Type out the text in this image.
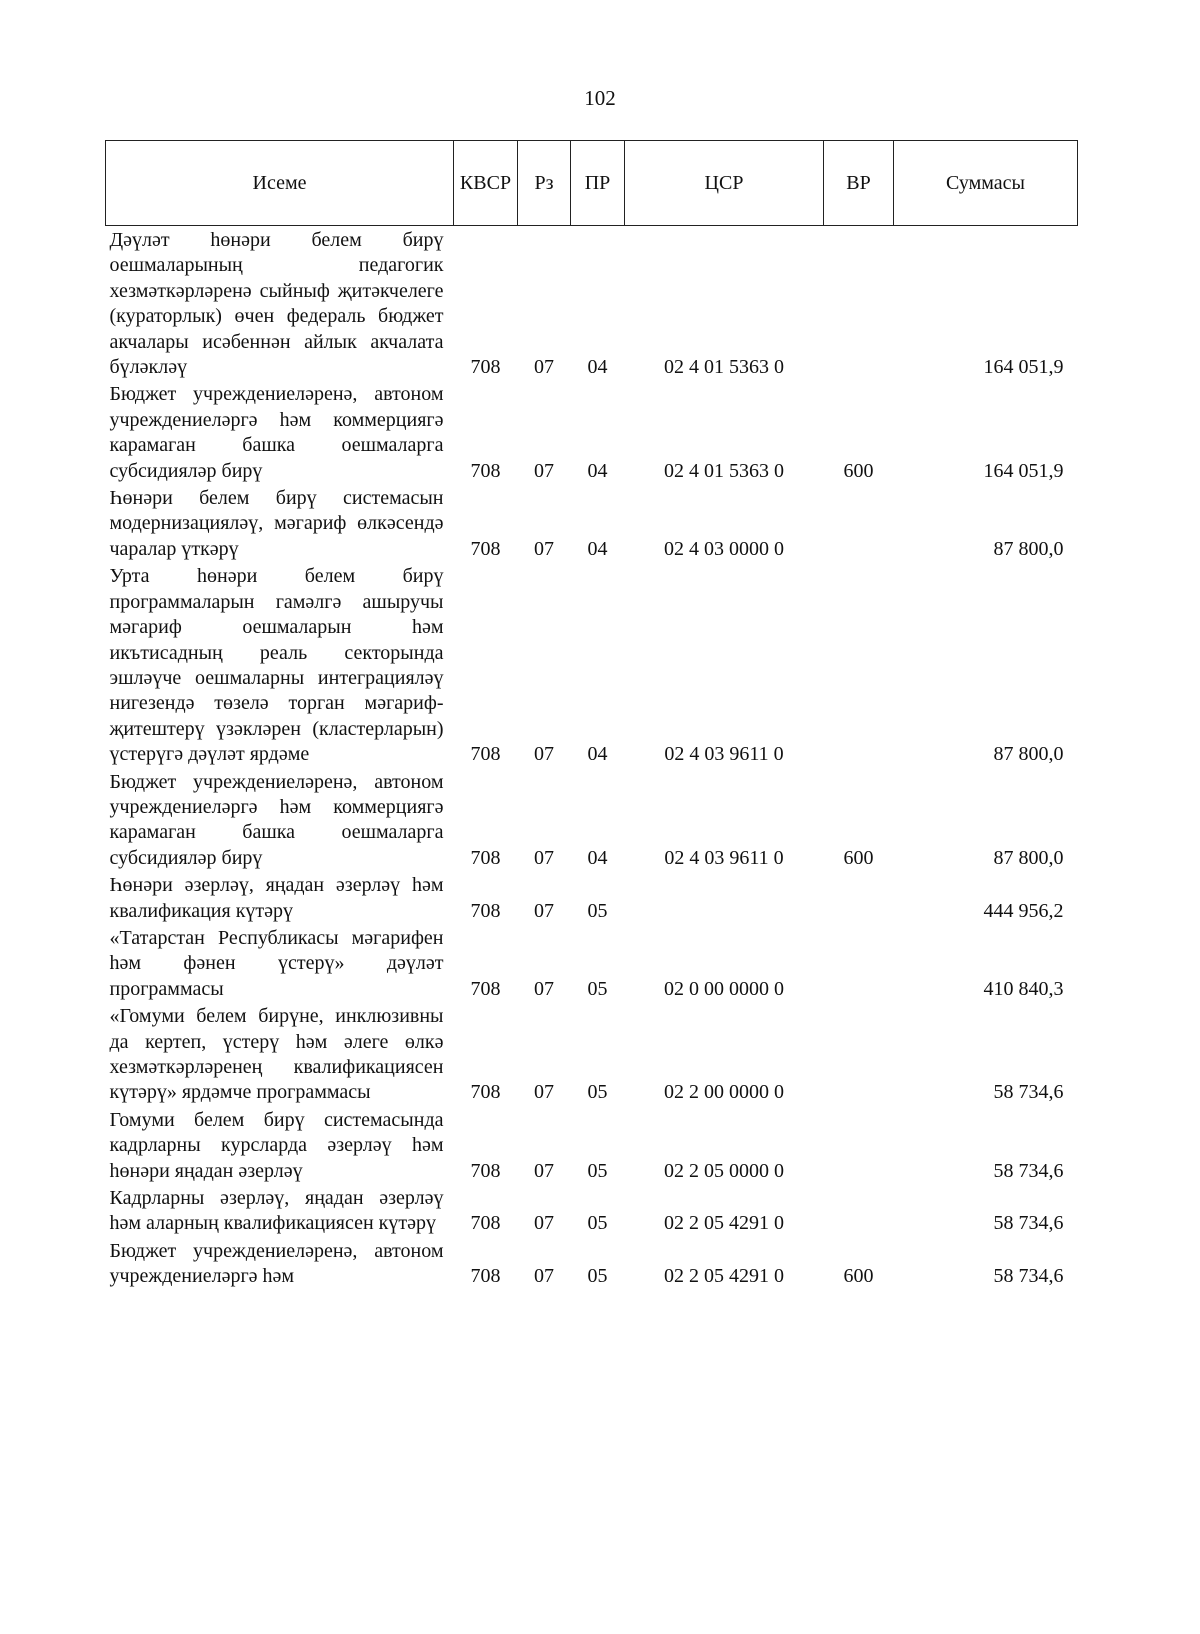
102
Исеме	КВСР	Рз	ПР	ЦСР	ВР	Суммасы
Дәүләт һөнәри белем бирү оешмаларының педагогик хезмәткәрләренә сыйныф җитәкчелеге (кураторлык) өчен федераль бюджет акчалары исәбеннән айлык акчалата бүләкләү	708	07	04	02 4 01 5363 0		164 051,9
Бюджет учреждениеләренә, автоном учреждениеләргә һәм коммерциягә карамаган башка оешмаларга субсидияләр бирү	708	07	04	02 4 01 5363 0	600	164 051,9
Һөнәри белем бирү системасын модернизацияләү, мәгариф өлкәсендә чаралар үткәрү	708	07	04	02 4 03 0000 0		87 800,0
Урта һөнәри белем бирү программаларын гамәлгә ашыручы мәгариф оешмаларын һәм икътисадның реаль секторында эшләүче оешмаларны интеграцияләү нигезендә төзелә торган мәгариф-җитештерү үзәкләрен (кластерларын) үстерүгә дәүләт ярдәме	708	07	04	02 4 03 9611 0		87 800,0
Бюджет учреждениеләренә, автоном учреждениеләргә һәм коммерциягә карамаган башка оешмаларга субсидияләр бирү	708	07	04	02 4 03 9611 0	600	87 800,0
Һөнәри әзерләү, яңадан әзерләү һәм квалификация күтәрү	708	07	05			444 956,2
«Татарстан Республикасы мәгарифен һәм фәнен үстерү» дәүләт программасы	708	07	05	02 0 00 0000 0		410 840,3
«Гомуми белем бирүне, инклюзивны да кертеп, үстерү һәм әлеге өлкә хезмәткәрләренең квалификациясен күтәрү» ярдәмче программасы	708	07	05	02 2 00 0000 0		58 734,6
Гомуми белем бирү системасында кадрларны курсларда әзерләү һәм һөнәри яңадан әзерләү	708	07	05	02 2 05 0000 0		58 734,6
Кадрларны әзерләү, яңадан әзерләү һәм аларның квалификациясен күтәрү	708	07	05	02 2 05 4291 0		58 734,6
Бюджет учреждениеләренә, автоном учреждениеләргә һәм	708	07	05	02 2 05 4291 0	600	58 734,6
